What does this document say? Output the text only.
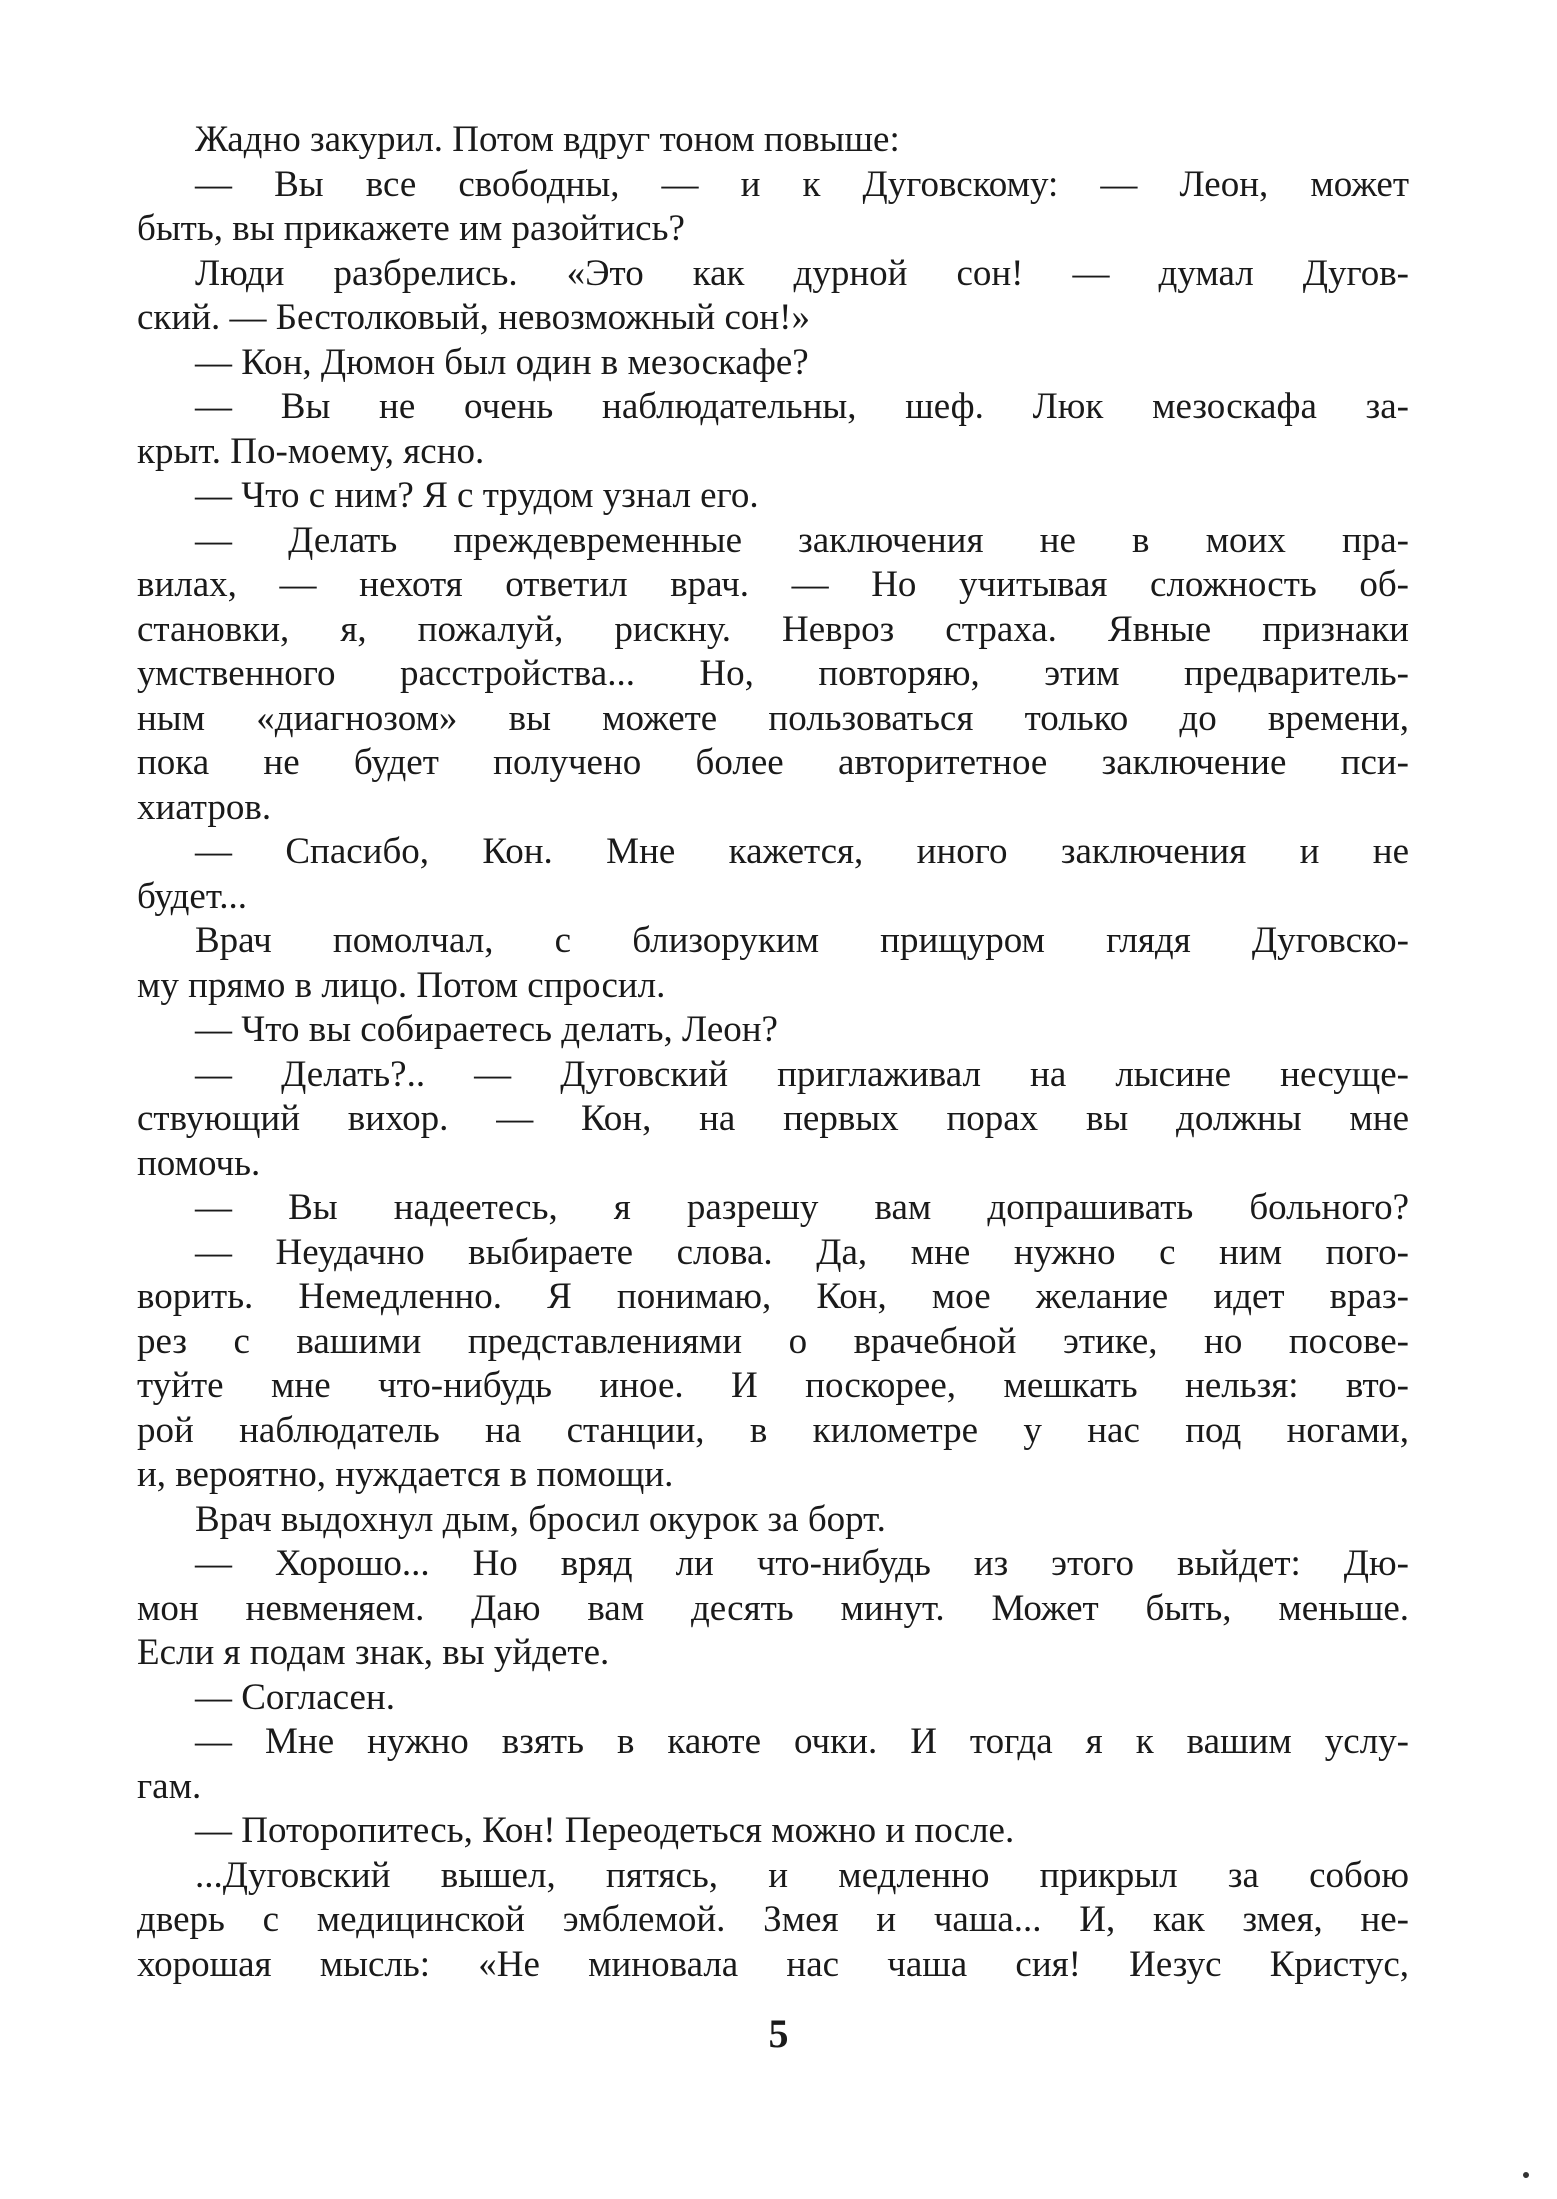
Жадно закурил. Потом вдруг тоном повыше:
— Вы все свободны, — и к Дуговскому: — Леон, может
быть, вы прикажете им разойтись?
Люди разбрелись. «Это как дурной сон! — думал Дугов-
ский. — Бестолковый, невозможный сон!»
— Кон, Дюмон был один в мезоскафе?
— Вы не очень наблюдательны, шеф. Люк мезоскафа за-
крыт. По-моему, ясно.
— Что с ним? Я с трудом узнал его.
— Делать преждевременные заключения не в моих пра-
вилах, — нехотя ответил врач. — Но учитывая сложность об-
становки, я, пожалуй, рискну. Невроз страха. Явные признаки
умственного расстройства... Но, повторяю, этим предваритель-
ным «диагнозом» вы можете пользоваться только до времени,
пока не будет получено более авторитетное заключение пси-
хиатров.
— Спасибо, Кон. Мне кажется, иного заключения и не
будет...
Врач помолчал, с близоруким прищуром глядя Дуговско-
му прямо в лицо. Потом спросил.
— Что вы собираетесь делать, Леон?
— Делать?.. — Дуговский приглаживал на лысине несуще-
ствующий вихор. — Кон, на первых порах вы должны мне
помочь.
— Вы надеетесь, я разрешу вам допрашивать больного?
— Неудачно выбираете слова. Да, мне нужно с ним пого-
ворить. Немедленно. Я понимаю, Кон, мое желание идет враз-
рез с вашими представлениями о врачебной этике, но посове-
туйте мне что-нибудь иное. И поскорее, мешкать нельзя: вто-
рой наблюдатель на станции, в километре у нас под ногами,
и, вероятно, нуждается в помощи.
Врач выдохнул дым, бросил окурок за борт.
— Хорошо... Но вряд ли что-нибудь из этого выйдет: Дю-
мон невменяем. Даю вам десять минут. Может быть, меньше.
Если я подам знак, вы уйдете.
— Согласен.
— Мне нужно взять в каюте очки. И тогда я к вашим услу-
гам.
— Поторопитесь, Кон! Переодеться можно и после.
...Дуговский вышел, пятясь, и медленно прикрыл за собою
дверь с медицинской эмблемой. Змея и чаша... И, как змея, не-
хорошая мысль: «Не миновала нас чаша сия! Иезус Кристус,
5
